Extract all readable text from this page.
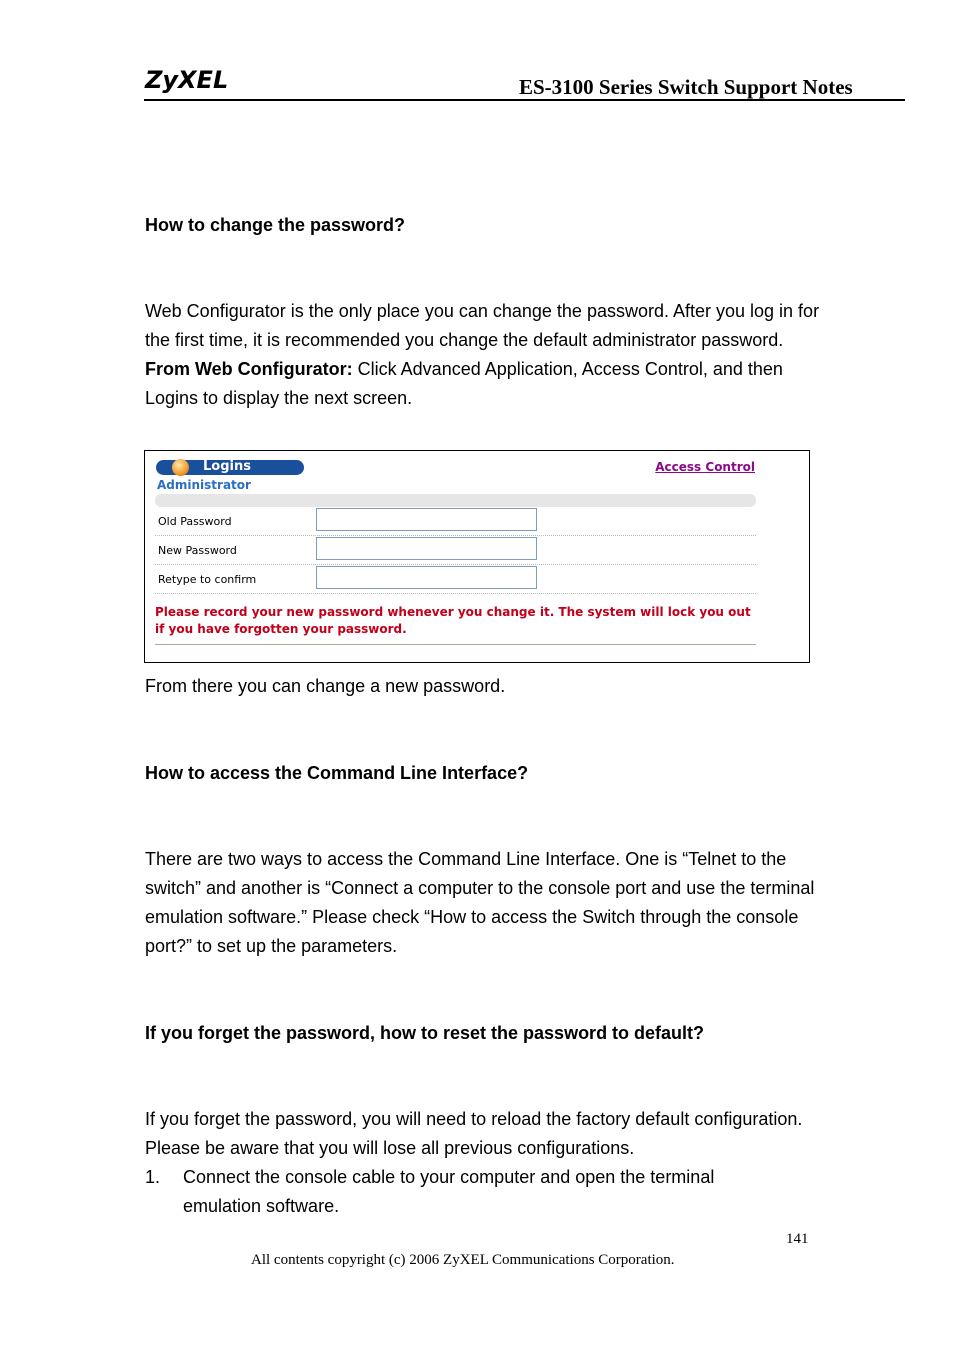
ZyXEL	ES-3100 Series Switch Support Notes
How to change the password?

Web Configurator is the only place you can change the password. After you log in for the first time, it is recommended you change the default administrator password.

From Web Configurator: Click Advanced Application, Access Control, and then Logins to display the next screen.

Logins	Access Control
Administrator
Old Password
New Password
Retype to confirm
Please record your new password whenever you change it. The system will lock you out if you have forgotten your password.
From there you can change a new password.
How to access the Command Line Interface?
There are two ways to access the Command Line Interface. One is “Telnet to the switch” and another is “Connect a computer to the console port and use the terminal emulation software.” Please check “How to access the Switch through the console port?” to set up the parameters.
If you forget the password, how to reset the password to default?
If you forget the password, you will need to reload the factory default configuration. Please be aware that you will lose all previous configurations.
1. Connect the console cable to your computer and open the terminal emulation software.
141
All contents copyright (c) 2006 ZyXEL Communications Corporation.
